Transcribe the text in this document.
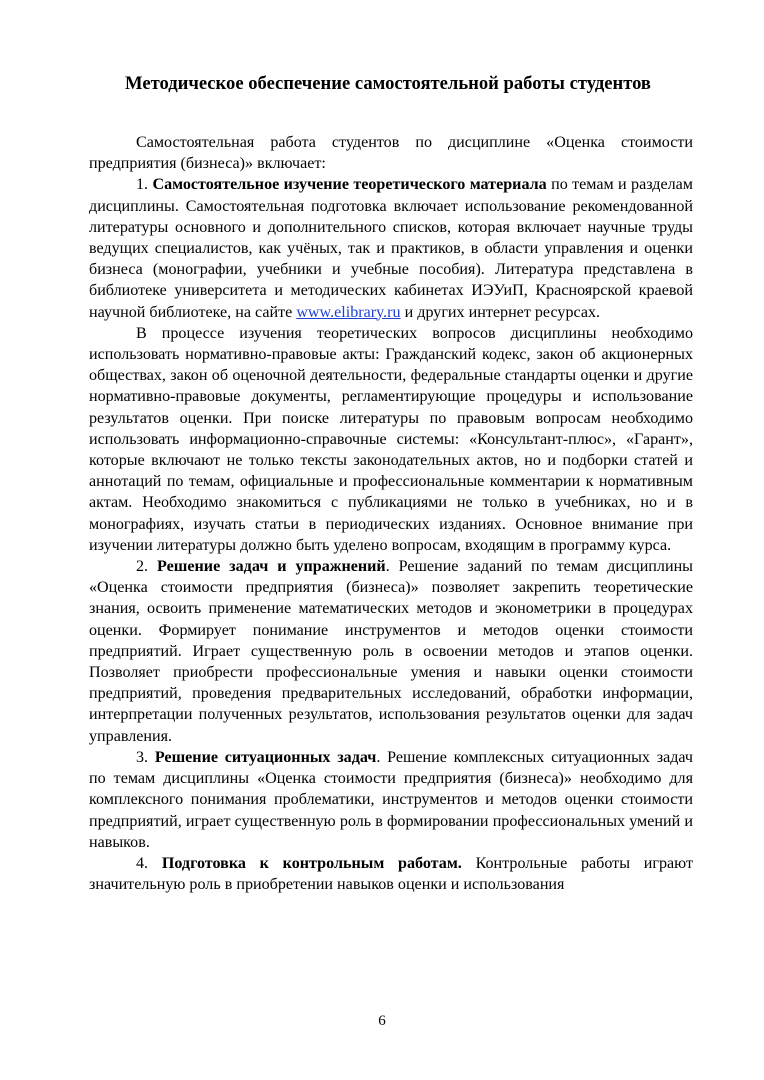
Методическое обеспечение самостоятельной работы студентов

Самостоятельная работа студентов по дисциплине «Оценка стоимости предприятия (бизнеса)» включает:

1. Самостоятельное изучение теоретического материала по темам и разделам дисциплины. Самостоятельная подготовка включает использование рекомендованной литературы основного и дополнительного списков, которая включает научные труды ведущих специалистов, как учёных, так и практиков, в области управления и оценки бизнеса (монографии, учебники и учебные пособия). Литература представлена в библиотеке университета и методических кабинетах ИЭУиП, Красноярской краевой научной библиотеке, на сайте www.elibrary.ru и других интернет ресурсах.

В процессе изучения теоретических вопросов дисциплины необходимо использовать нормативно-правовые акты: Гражданский кодекс, закон об акционерных обществах, закон об оценочной деятельности, федеральные стандарты оценки и другие нормативно-правовые документы, регламентирующие процедуры и использование результатов оценки. При поиске литературы по правовым вопросам необходимо использовать информационно-справочные системы: «Консультант-плюс», «Гарант», которые включают не только тексты законодательных актов, но и подборки статей и аннотаций по темам, официальные и профессиональные комментарии к нормативным актам. Необходимо знакомиться с публикациями не только в учебниках, но и в монографиях, изучать статьи в периодических изданиях. Основное внимание при изучении литературы должно быть уделено вопросам, входящим в программу курса.

2. Решение задач и упражнений. Решение заданий по темам дисциплины «Оценка стоимости предприятия (бизнеса)» позволяет закрепить теоретические знания, освоить применение математических методов и эконометрики в процедурах оценки. Формирует понимание инструментов и методов оценки стоимости предприятий. Играет существенную роль в освоении методов и этапов оценки. Позволяет приобрести профессиональные умения и навыки оценки стоимости предприятий, проведения предварительных исследований, обработки информации, интерпретации полученных результатов, использования результатов оценки для задач управления.

3. Решение ситуационных задач. Решение комплексных ситуационных задач по темам дисциплины «Оценка стоимости предприятия (бизнеса)» необходимо для комплексного понимания проблематики, инструментов и методов оценки стоимости предприятий, играет существенную роль в формировании профессиональных умений и навыков.

4. Подготовка к контрольным работам. Контрольные работы играют значительную роль в приобретении навыков оценки и использования

6
